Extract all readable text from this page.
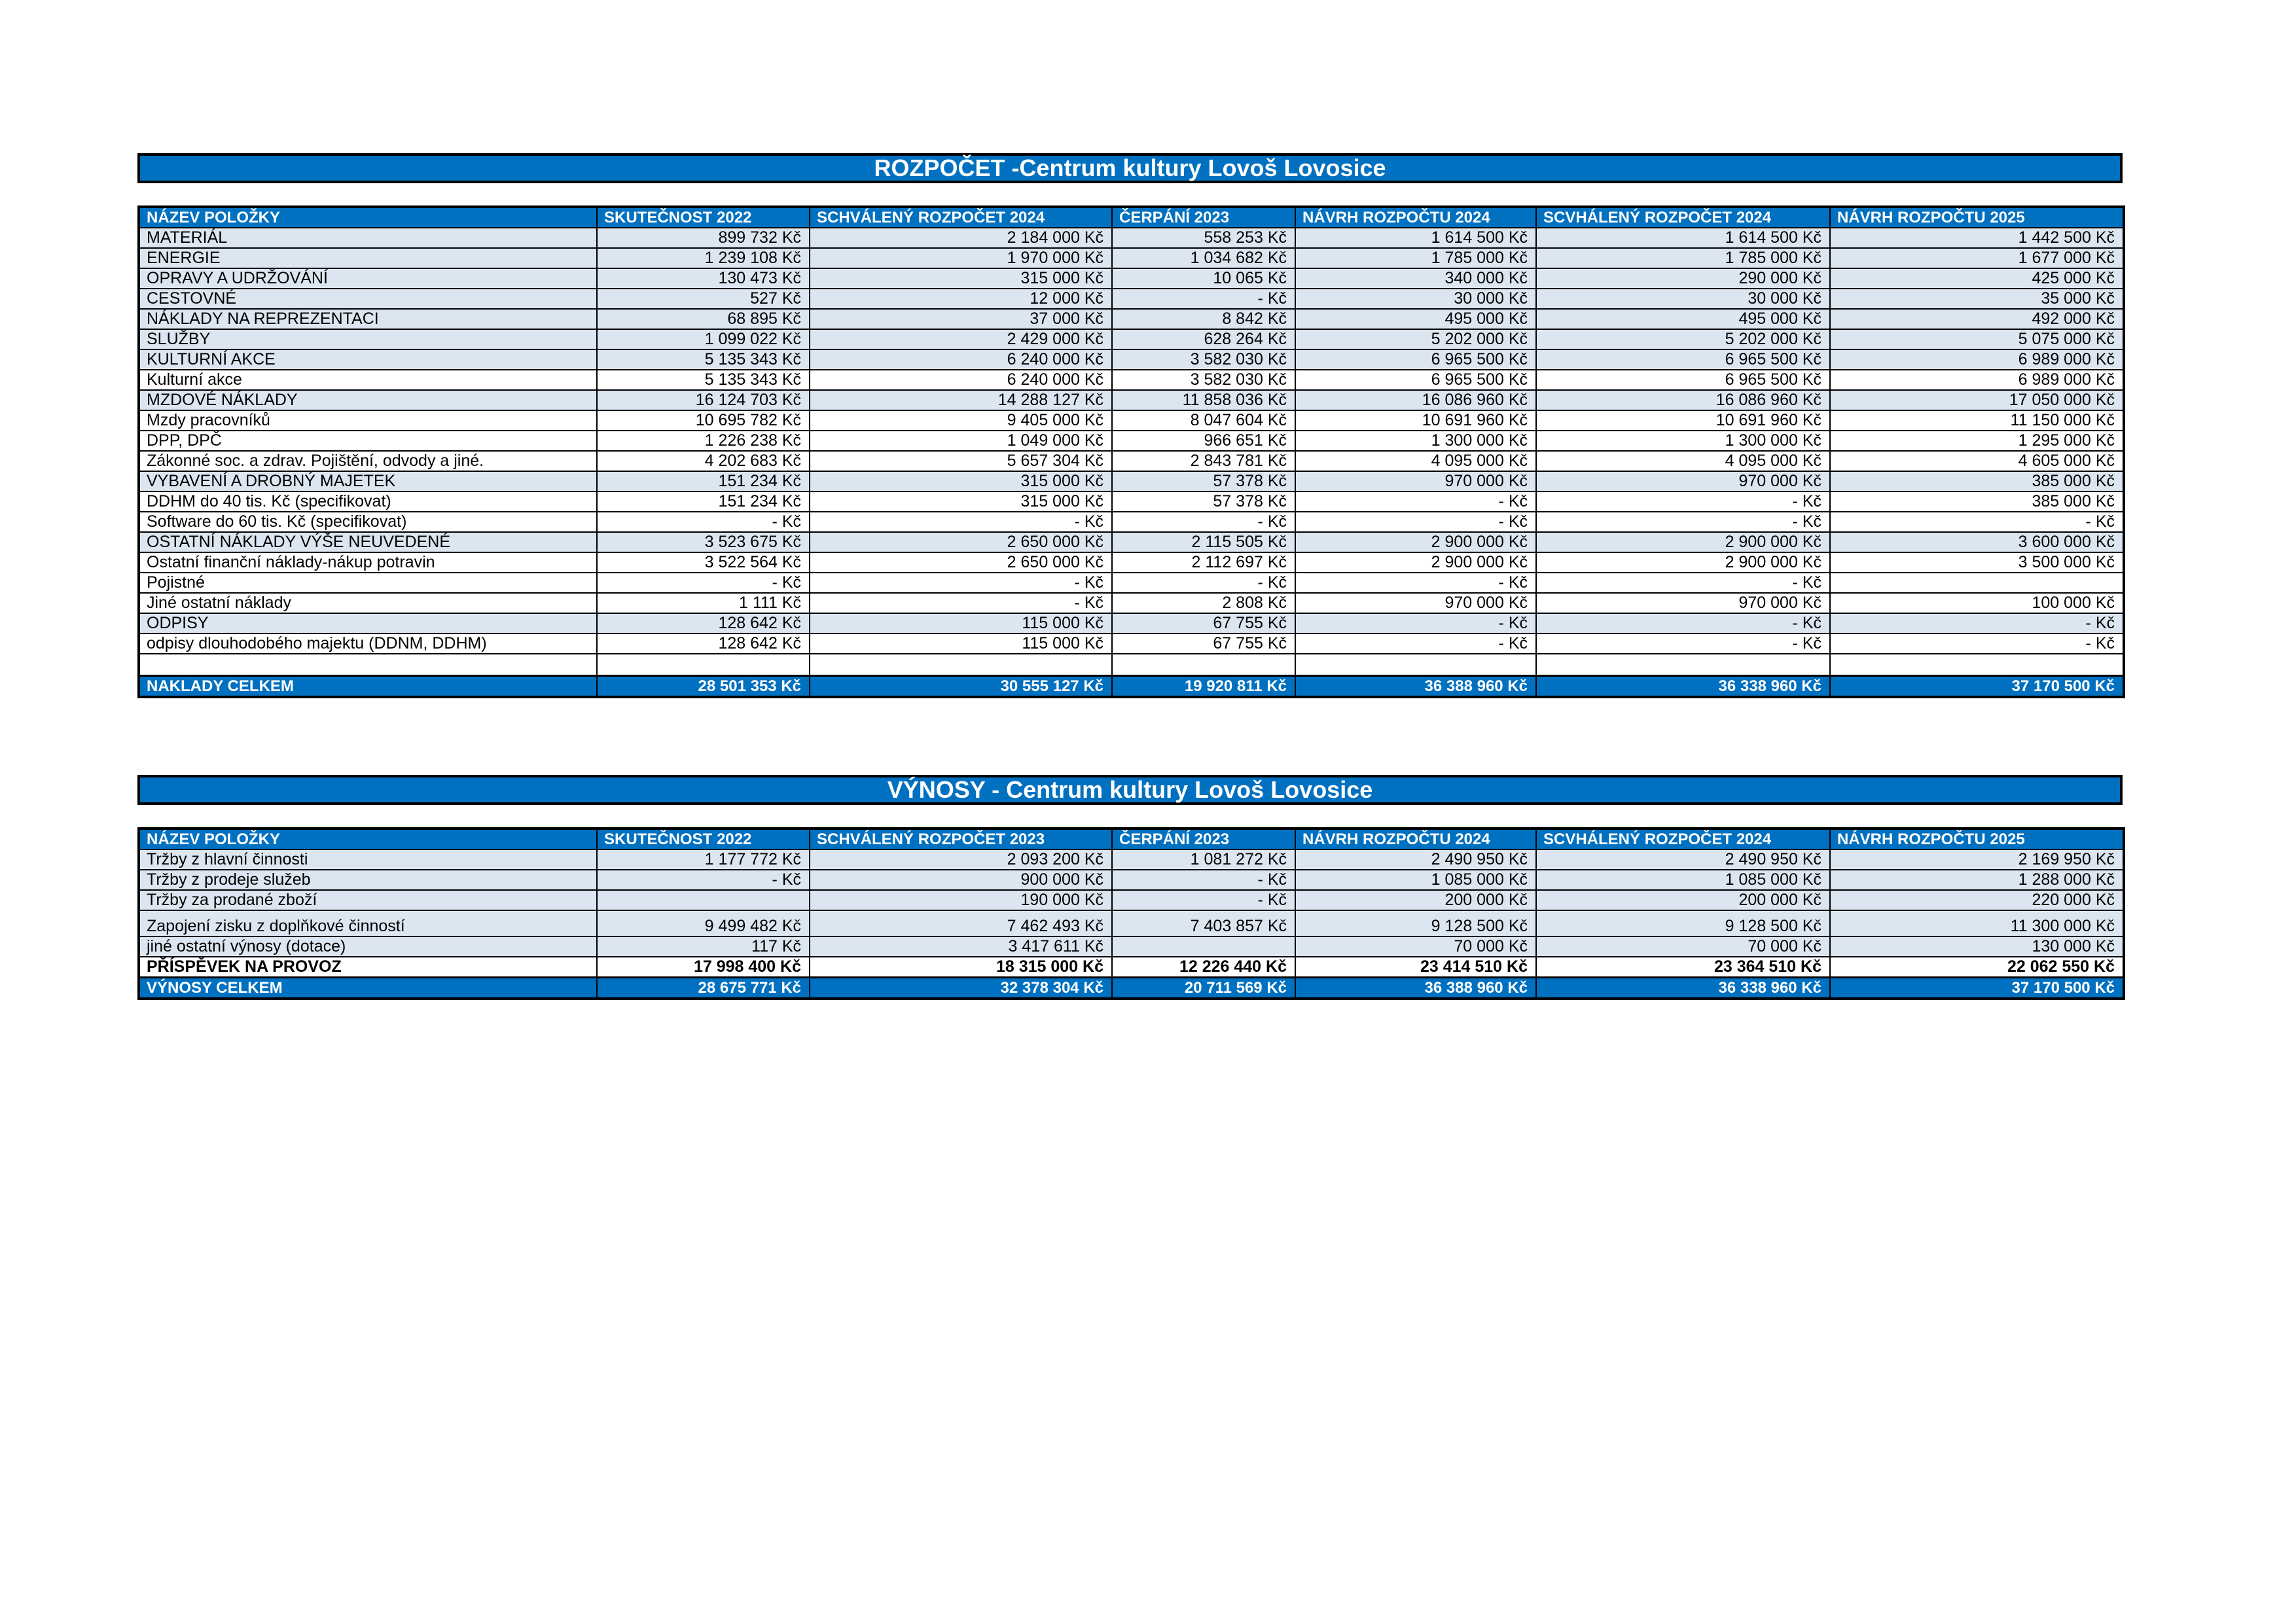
ROZPOČET -Centrum kultury Lovoš Lovosice
NÁZEV POLOŽKY	SKUTEČNOST 2022	SCHVÁLENÝ ROZPOČET 2024	ČERPÁNÍ 2023	NÁVRH ROZPOČTU 2024	SCVHÁLENÝ ROZPOČET 2024	NÁVRH ROZPOČTU 2025
MATERIÁL	899 732 Kč	2 184 000 Kč	558 253 Kč	1 614 500 Kč	1 614 500 Kč	1 442 500 Kč
ENERGIE	1 239 108 Kč	1 970 000 Kč	1 034 682 Kč	1 785 000 Kč	1 785 000 Kč	1 677 000 Kč
OPRAVY A UDRŽOVÁNÍ	130 473 Kč	315 000 Kč	10 065 Kč	340 000 Kč	290 000 Kč	425 000 Kč
CESTOVNÉ	527 Kč	12 000 Kč	- Kč	30 000 Kč	30 000 Kč	35 000 Kč
NÁKLADY NA REPREZENTACI	68 895 Kč	37 000 Kč	8 842 Kč	495 000 Kč	495 000 Kč	492 000 Kč
SLUŽBY	1 099 022 Kč	2 429 000 Kč	628 264 Kč	5 202 000 Kč	5 202 000 Kč	5 075 000 Kč
KULTURNÍ AKCE	5 135 343 Kč	6 240 000 Kč	3 582 030 Kč	6 965 500 Kč	6 965 500 Kč	6 989 000 Kč
Kulturní akce	5 135 343 Kč	6 240 000 Kč	3 582 030 Kč	6 965 500 Kč	6 965 500 Kč	6 989 000 Kč
MZDOVÉ NÁKLADY	16 124 703 Kč	14 288 127 Kč	11 858 036 Kč	16 086 960 Kč	16 086 960 Kč	17 050 000 Kč
Mzdy pracovníků	10 695 782 Kč	9 405 000 Kč	8 047 604 Kč	10 691 960 Kč	10 691 960 Kč	11 150 000 Kč
DPP, DPČ	1 226 238 Kč	1 049 000 Kč	966 651 Kč	1 300 000 Kč	1 300 000 Kč	1 295 000 Kč
Zákonné soc. a zdrav. Pojištění, odvody a jiné.	4 202 683 Kč	5 657 304 Kč	2 843 781 Kč	4 095 000 Kč	4 095 000 Kč	4 605 000 Kč
VYBAVENÍ A DROBNÝ MAJETEK	151 234 Kč	315 000 Kč	57 378 Kč	970 000 Kč	970 000 Kč	385 000 Kč
DDHM do 40 tis. Kč (specifikovat)	151 234 Kč	315 000 Kč	57 378 Kč	- Kč	- Kč	385 000 Kč
Software do 60 tis. Kč (specifikovat)	- Kč	- Kč	- Kč	- Kč	- Kč	- Kč
OSTATNÍ NÁKLADY VÝŠE NEUVEDENÉ	3 523 675 Kč	2 650 000 Kč	2 115 505 Kč	2 900 000 Kč	2 900 000 Kč	3 600 000 Kč
Ostatní finanční náklady-nákup potravin	3 522 564 Kč	2 650 000 Kč	2 112 697 Kč	2 900 000 Kč	2 900 000 Kč	3 500 000 Kč
Pojistné	- Kč	- Kč	- Kč	- Kč	- Kč	
Jiné ostatní náklady	1 111 Kč	- Kč	2 808 Kč	970 000 Kč	970 000 Kč	100 000 Kč
ODPISY	128 642 Kč	115 000 Kč	67 755 Kč	- Kč	- Kč	- Kč
odpisy dlouhodobého majektu (DDNM, DDHM)	128 642 Kč	115 000 Kč	67 755 Kč	- Kč	- Kč	- Kč

NAKLADY CELKEM	28 501 353 Kč	30 555 127 Kč	19 920 811 Kč	36 388 960 Kč	36 338 960 Kč	37 170 500 Kč
VÝNOSY - Centrum kultury Lovoš Lovosice
NÁZEV POLOŽKY	SKUTEČNOST 2022	SCHVÁLENÝ ROZPOČET 2023	ČERPÁNÍ 2023	NÁVRH ROZPOČTU 2024	SCVHÁLENÝ ROZPOČET 2024	NÁVRH ROZPOČTU 2025
Tržby z hlavní činnosti	1 177 772 Kč	2 093 200 Kč	1 081 272 Kč	2 490 950 Kč	2 490 950 Kč	2 169 950 Kč
Tržby z prodeje služeb	- Kč	900 000 Kč	- Kč	1 085 000 Kč	1 085 000 Kč	1 288 000 Kč
Tržby za prodané zboží		190 000 Kč	- Kč	200 000 Kč	200 000 Kč	220 000 Kč
Zapojení zisku z doplňkové činností	9 499 482 Kč	7 462 493 Kč	7 403 857 Kč	9 128 500 Kč	9 128 500 Kč	11 300 000 Kč
jiné ostatní výnosy (dotace)	117 Kč	3 417 611 Kč		70 000 Kč	70 000 Kč	130 000 Kč
PŘÍSPĚVEK NA PROVOZ	17 998 400 Kč	18 315 000 Kč	12 226 440 Kč	23 414 510 Kč	23 364 510 Kč	22 062 550 Kč
VÝNOSY CELKEM	28 675 771 Kč	32 378 304 Kč	20 711 569 Kč	36 388 960 Kč	36 338 960 Kč	37 170 500 Kč
